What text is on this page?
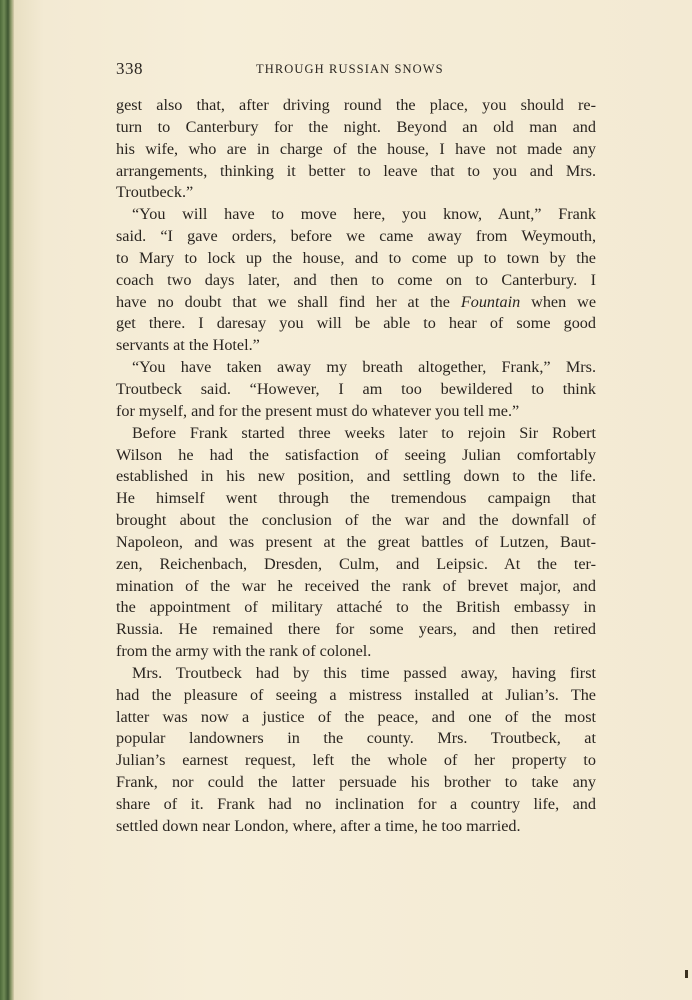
338	THROUGH RUSSIAN SNOWS
gest also that, after driving round the place, you should re-
turn to Canterbury for the night. Beyond an old man and
his wife, who are in charge of the house, I have not made any
arrangements, thinking it better to leave that to you and Mrs.
Troutbeck.”
“You will have to move here, you know, Aunt,” Frank
said. “I gave orders, before we came away from Weymouth,
to Mary to lock up the house, and to come up to town by the
coach two days later, and then to come on to Canterbury. I
have no doubt that we shall find her at the Fountain when we
get there. I daresay you will be able to hear of some good
servants at the Hotel.”
“You have taken away my breath altogether, Frank,” Mrs.
Troutbeck said. “However, I am too bewildered to think
for myself, and for the present must do whatever you tell me.”
Before Frank started three weeks later to rejoin Sir Robert
Wilson he had the satisfaction of seeing Julian comfortably
established in his new position, and settling down to the life.
He himself went through the tremendous campaign that
brought about the conclusion of the war and the downfall of
Napoleon, and was present at the great battles of Lutzen, Baut-
zen, Reichenbach, Dresden, Culm, and Leipsic. At the ter-
mination of the war he received the rank of brevet major, and
the appointment of military attaché to the British embassy in
Russia. He remained there for some years, and then retired
from the army with the rank of colonel.
Mrs. Troutbeck had by this time passed away, having first
had the pleasure of seeing a mistress installed at Julian’s. The
latter was now a justice of the peace, and one of the most
popular landowners in the county. Mrs. Troutbeck, at
Julian’s earnest request, left the whole of her property to
Frank, nor could the latter persuade his brother to take any
share of it. Frank had no inclination for a country life, and
settled down near London, where, after a time, he too married.
